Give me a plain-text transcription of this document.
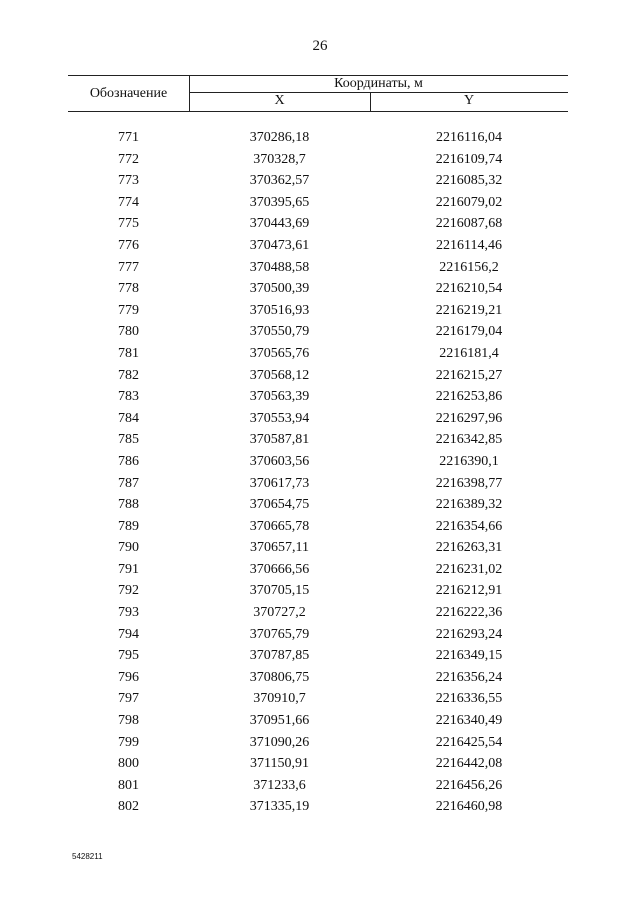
26
Обозначение
Координаты, м
X	Y
771	370286,18	2216116,04
772	370328,7	2216109,74
773	370362,57	2216085,32
774	370395,65	2216079,02
775	370443,69	2216087,68
776	370473,61	2216114,46
777	370488,58	2216156,2
778	370500,39	2216210,54
779	370516,93	2216219,21
780	370550,79	2216179,04
781	370565,76	2216181,4
782	370568,12	2216215,27
783	370563,39	2216253,86
784	370553,94	2216297,96
785	370587,81	2216342,85
786	370603,56	2216390,1
787	370617,73	2216398,77
788	370654,75	2216389,32
789	370665,78	2216354,66
790	370657,11	2216263,31
791	370666,56	2216231,02
792	370705,15	2216212,91
793	370727,2	2216222,36
794	370765,79	2216293,24
795	370787,85	2216349,15
796	370806,75	2216356,24
797	370910,7	2216336,55
798	370951,66	2216340,49
799	371090,26	2216425,54
800	371150,91	2216442,08
801	371233,6	2216456,26
802	371335,19	2216460,98
5428211
